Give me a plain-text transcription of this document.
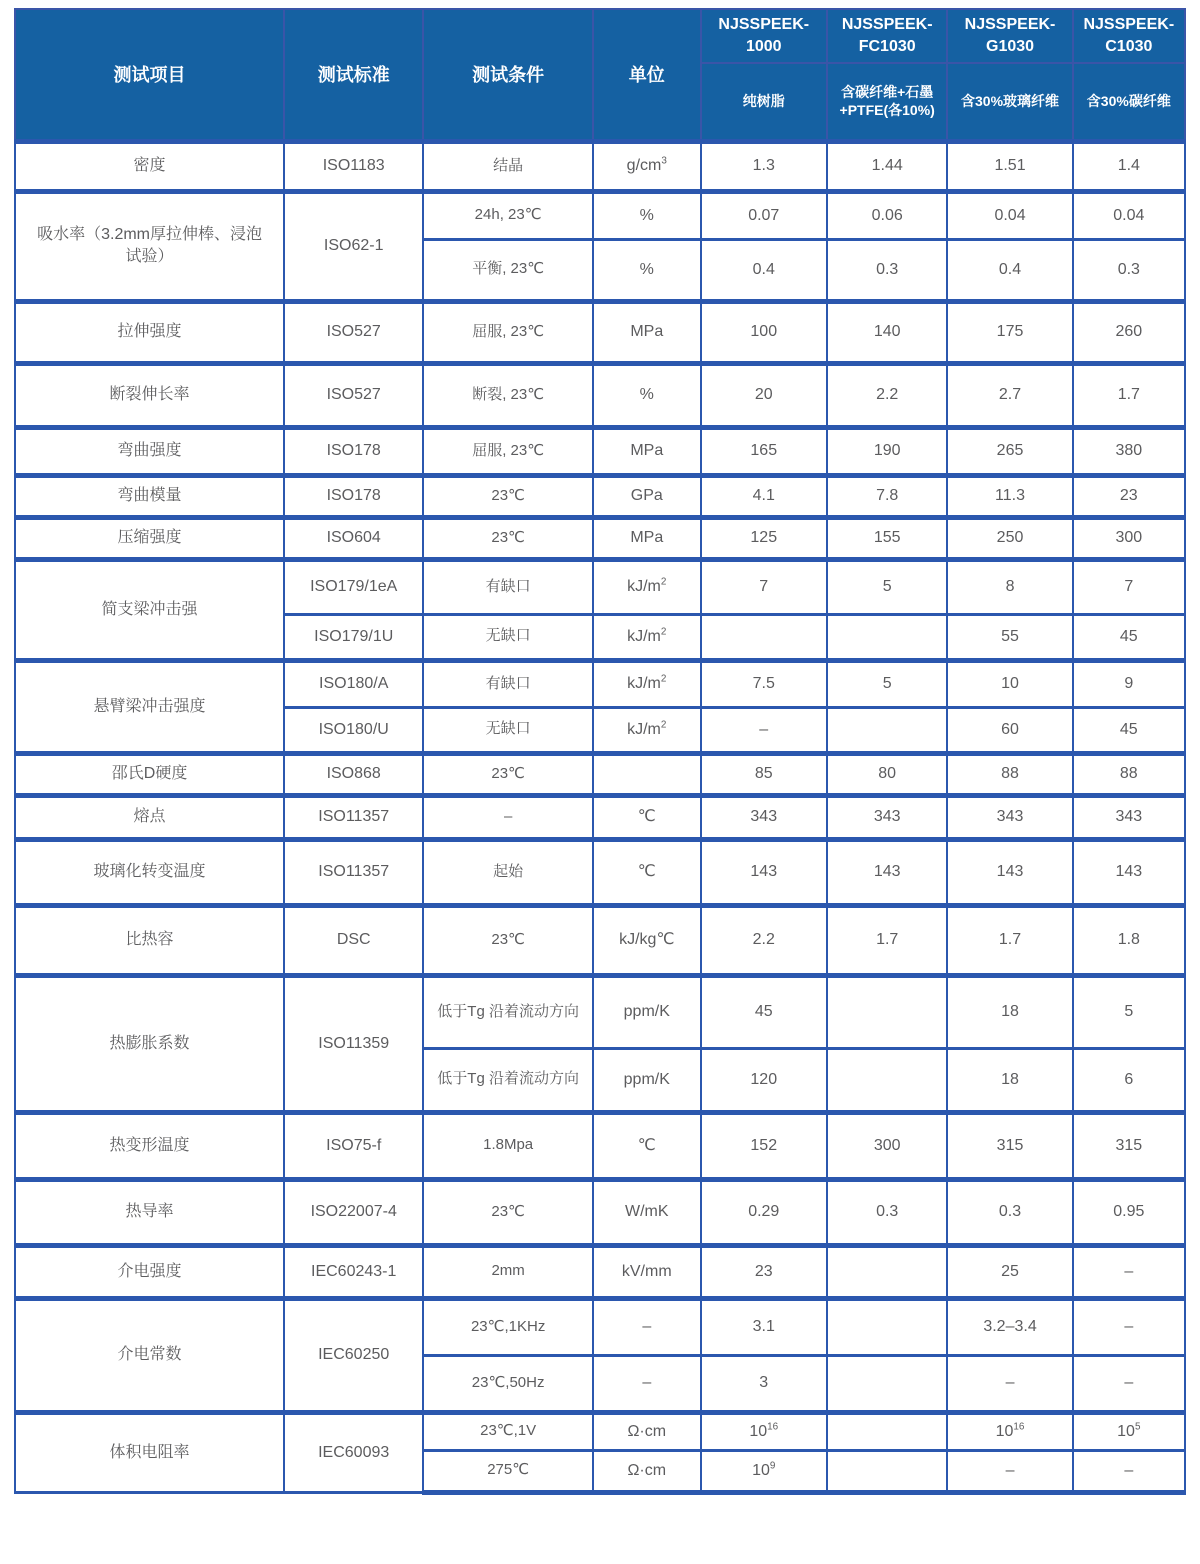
测试项目	测试标准	测试条件	单位	NJSSPEEK-1000	NJSSPEEK-FC1030	NJSSPEEK-G1030	NJSSPEEK-C1030
				纯树脂	含碳纤维+石墨+PTFE(各10%)	含30%玻璃纤维	含30%碳纤维
密度	ISO1183	结晶	$g/cm^3$	1.3	1.44	1.51	1.4
吸水率（3.2mm厚拉伸棒、浸泡试验）	ISO62-1	24h, 23℃	%	0.07	0.06	0.04	0.04
		平衡, 23℃	%	0.4	0.3	0.4	0.3
拉伸强度	ISO527	屈服, 23℃	MPa	100	140	175	260
断裂伸长率	ISO527	断裂, 23℃	%	20	2.2	2.7	1.7
弯曲强度	ISO178	屈服, 23℃	MPa	165	190	265	380
弯曲模量	ISO178	23℃	GPa	4.1	7.8	11.3	23
压缩强度	ISO604	23℃	MPa	125	155	250	300
简支梁冲击强	ISO179/1eA	有缺口	$kJ/m^2$	7	5	8	7
	ISO179/1U	无缺口	$kJ/m^2$			55	45
悬臂梁冲击强度	ISO180/A	有缺口	$kJ/m^2$	7.5	5	10	9
	ISO180/U	无缺口	$kJ/m^2$	–		60	45
邵氏D硬度	ISO868	23℃		85	80	88	88
熔点	ISO11357	–	℃	343	343	343	343
玻璃化转变温度	ISO11357	起始	℃	143	143	143	143
比热容	DSC	23℃	kJ/kg℃	2.2	1.7	1.7	1.8
热膨胀系数	ISO11359	低于Tg 沿着流动方向	ppm/K	45		18	5
		低于Tg 沿着流动方向	ppm/K	120		18	6
热变形温度	ISO75-f	1.8Mpa	℃	152	300	315	315
热导率	ISO22007-4	23℃	W/mK	0.29	0.3	0.3	0.95
介电强度	IEC60243-1	2mm	kV/mm	23		25	–
介电常数	IEC60250	23℃,1KHz	–	3.1		3.2–3.4	–
		23℃,50Hz	–	3		–	–
体积电阻率	IEC60093	23℃,1V	Ω·cm	$10^{16}$		$10^{16}$	$10^5$
		275℃	Ω·cm	$10^9$		–	–
